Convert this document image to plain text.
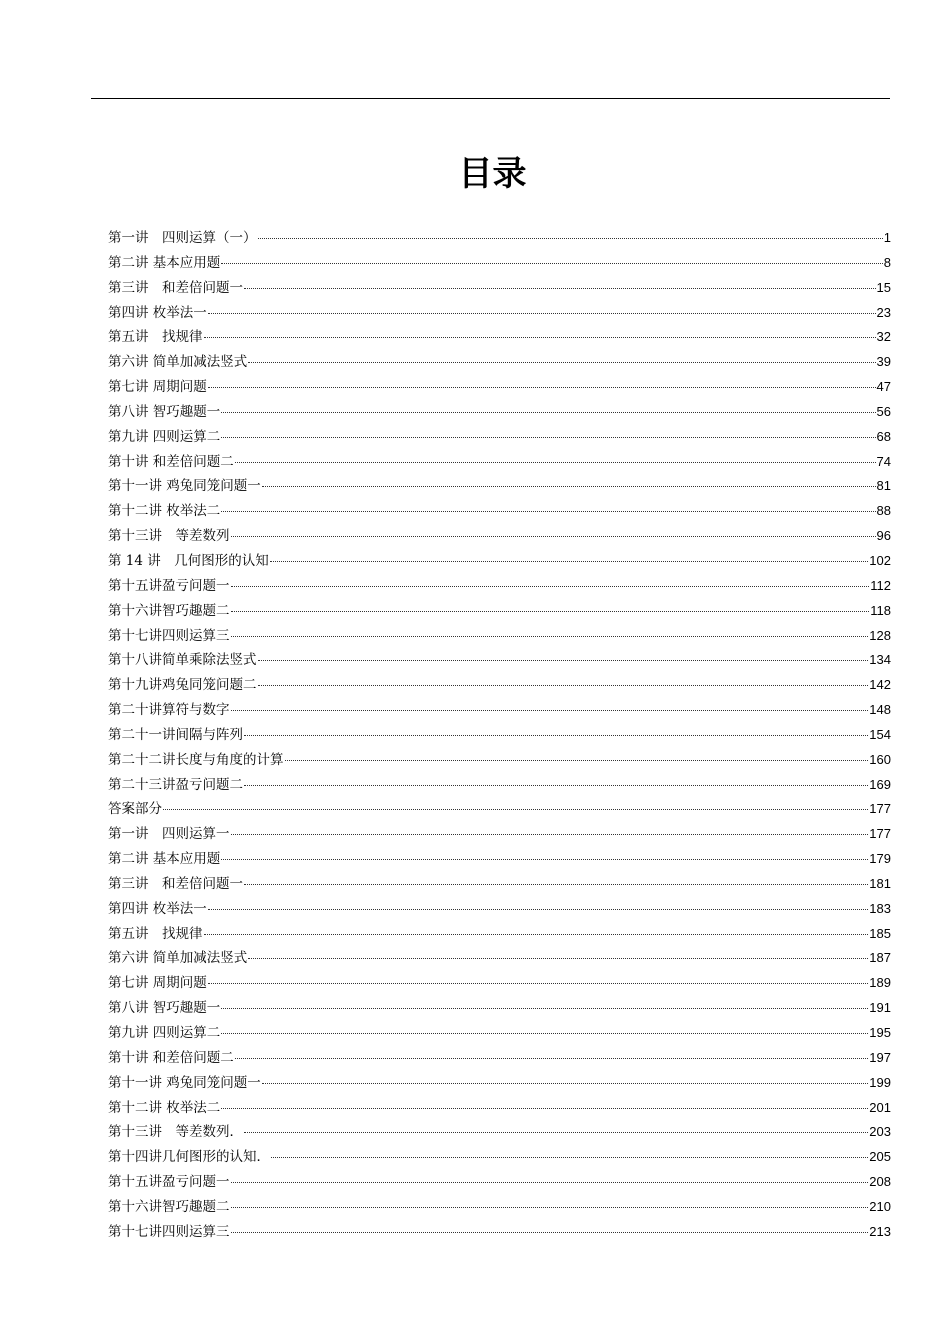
目录
第一讲　四则运算（一）	1
第二讲 基本应用题	8
第三讲　和差倍问题一	15
第四讲 枚举法一	23
第五讲　找规律	32
第六讲 简单加减法竖式	39
第七讲 周期问题	47
第八讲 智巧趣题一	56
第九讲 四则运算二	68
第十讲 和差倍问题二	74
第十一讲 鸡兔同笼问题一	81
第十二讲 枚举法二	88
第十三讲　等差数列	96
第 14 讲　几何图形的认知	102
第十五讲盈亏问题一	112
第十六讲智巧趣题二	118
第十七讲四则运算三	128
第十八讲简单乘除法竖式	134
第十九讲鸡兔同笼问题二	142
第二十讲算符与数字	148
第二十一讲间隔与阵列	154
第二十二讲长度与角度的计算	160
第二十三讲盈亏问题二	169
答案部分	177
第一讲　四则运算一	177
第二讲 基本应用题	179
第三讲　和差倍问题一	181
第四讲 枚举法一	183
第五讲　找规律	185
第六讲 简单加减法竖式	187
第七讲 周期问题	189
第八讲 智巧趣题一	191
第九讲 四则运算二	195
第十讲 和差倍问题二	197
第十一讲 鸡兔同笼问题一	199
第十二讲 枚举法二	201
第十三讲　等差数列．	203
第十四讲几何图形的认知．	205
第十五讲盈亏问题一	208
第十六讲智巧趣题二	210
第十七讲四则运算三	213
